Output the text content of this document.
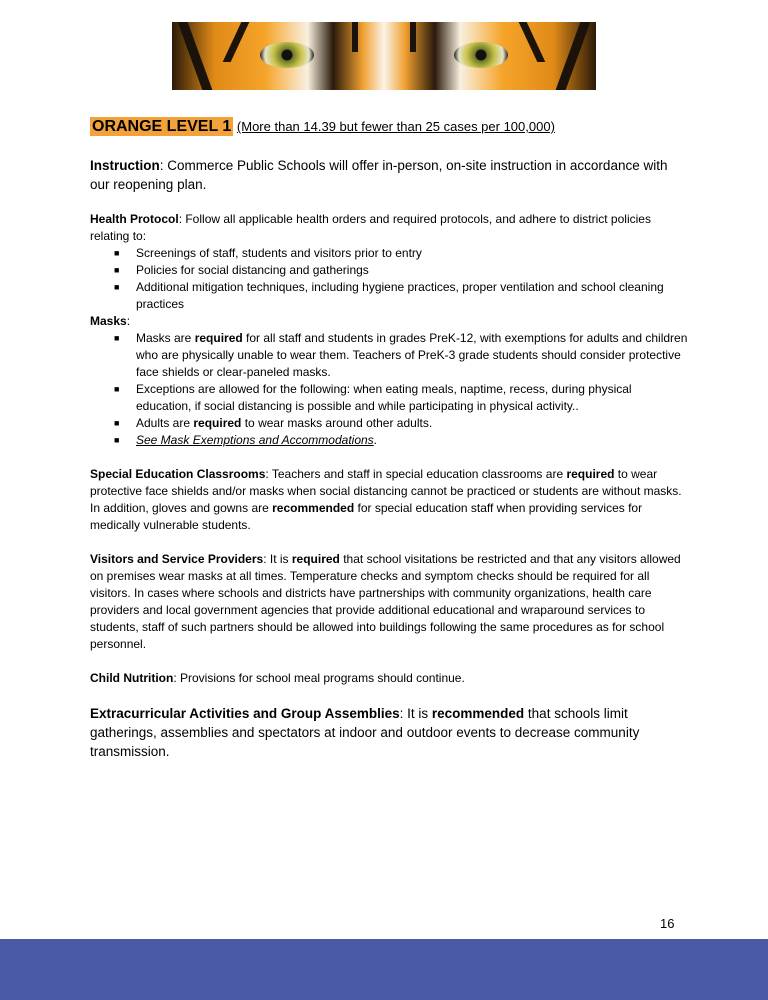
ORANGE LEVEL 1 (More than 14.39 but fewer than 25 cases per 100,000)

Instruction: Commerce Public Schools will offer in-person, on-site instruction in accordance with our reopening plan.
Health Protocol: Follow all applicable health orders and required protocols, and adhere to district policies relating to:
■ Screenings of staff, students and visitors prior to entry
■ Policies for social distancing and gatherings
■ Additional mitigation techniques, including hygiene practices, proper ventilation and school cleaning practices
Masks:
■ Masks are required for all staff and students in grades PreK-12, with exemptions for adults and children who are physically unable to wear them. Teachers of PreK-3 grade students should consider protective face shields or clear-paneled masks.
■ Exceptions are allowed for the following: when eating meals, naptime, recess, during physical education, if social distancing is possible and while participating in physical activity..
■ Adults are required to wear masks around other adults.
■ See Mask Exemptions and Accommodations.
Special Education Classrooms: Teachers and staff in special education classrooms are required to wear protective face shields and/or masks when social distancing cannot be practiced or students are without masks. In addition, gloves and gowns are recommended for special education staff when providing services for medically vulnerable students.
Visitors and Service Providers: It is required that school visitations be restricted and that any visitors allowed on premises wear masks at all times. Temperature checks and symptom checks should be required for all visitors. In cases where schools and districts have partnerships with community organizations, health care providers and local government agencies that provide additional educational and wraparound services to students, staff of such partners should be allowed into buildings following the same procedures as for school personnel.
Child Nutrition: Provisions for school meal programs should continue.
Extracurricular Activities and Group Assemblies: It is recommended that schools limit gatherings, assemblies and spectators at indoor and outdoor events to decrease community transmission.
16
